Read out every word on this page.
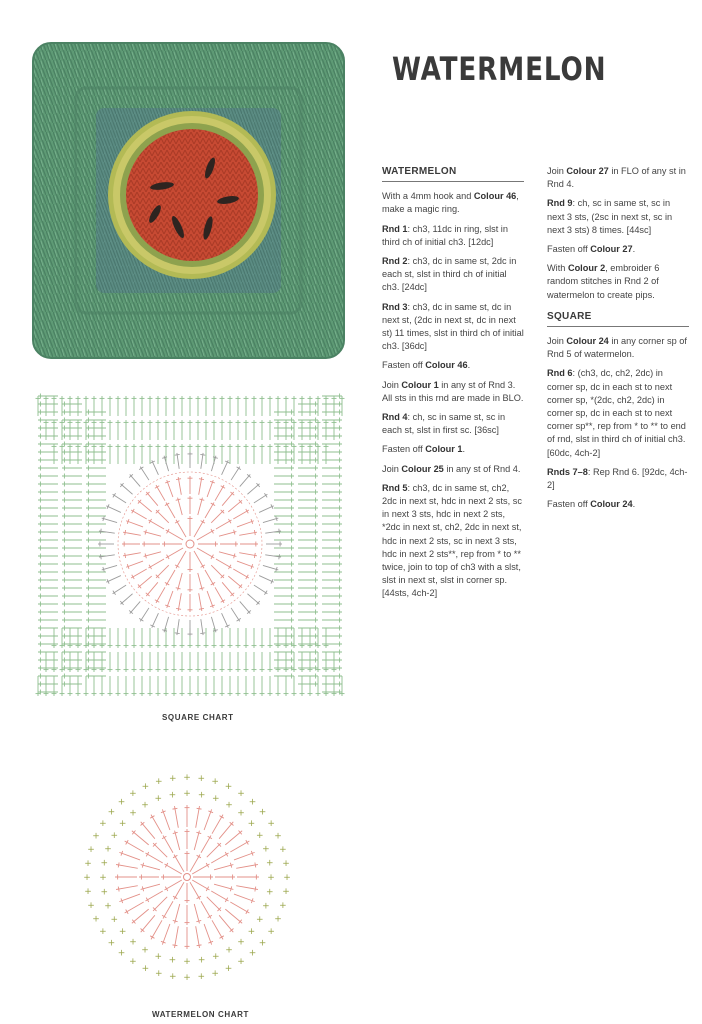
WATERMELON
WATERMELON

With a 4mm hook and Colour 46, make a magic ring.

Rnd 1: ch3, 11dc in ring, slst in third ch of initial ch3. [12dc]

Rnd 2: ch3, dc in same st, 2dc in each st, slst in third ch of initial ch3. [24dc]

Rnd 3: ch3, dc in same st, dc in next st, (2dc in next st, dc in next st) 11 times, slst in third ch of initial ch3. [36dc]

Fasten off Colour 46.

Join Colour 1 in any st of Rnd 3. All sts in this rnd are made in BLO.

Rnd 4: ch, sc in same st, sc in each st, slst in first sc. [36sc]

Fasten off Colour 1.

Join Colour 25 in any st of Rnd 4.

Rnd 5: ch3, dc in same st, ch2, 2dc in next st, hdc in next 2 sts, sc in next 3 sts, hdc in next 2 sts, *2dc in next st, ch2, 2dc in next st, hdc in next 2 sts, sc in next 3 sts, hdc in next 2 sts**, rep from * to ** twice, join to top of ch3 with a slst, slst in next st, slst in corner sp. [44sts, 4ch-2]

Join Colour 27 in FLO of any st in Rnd 4.

Rnd 9: ch, sc in same st, sc in next 3 sts, (2sc in next st, sc in next 3 sts) 8 times. [44sc]

Fasten off Colour 27.

With Colour 2, embroider 6 random stitches in Rnd 2 of watermelon to create pips.

SQUARE

Join Colour 24 in any corner sp of Rnd 5 of watermelon.

Rnd 6: (ch3, dc, ch2, 2dc) in corner sp, dc in each st to next corner sp, *(2dc, ch2, 2dc) in corner sp, dc in each st to next corner sp**, rep from * to ** to end of rnd, slst in third ch of initial ch3. [60dc, 4ch-2]

Rnds 7–8: Rep Rnd 6. [92dc, 4ch-2]

Fasten off Colour 24.

SQUARE CHART
+
+
+
+
+
+
+
+
+
+
+
+
+
+
+
+
+
+
+
+
+
+
+
+
+
+ + + + +
+
+
+
+
+
+
+
+
+
+
+
+
+
+
+
+
+
+
+
+
+
+
+
+
+
+
+
+
+
+
+
+
+
+
+
+
+ + + + + + +
+
+
+
+
+
+
+
WATERMELON CHART
